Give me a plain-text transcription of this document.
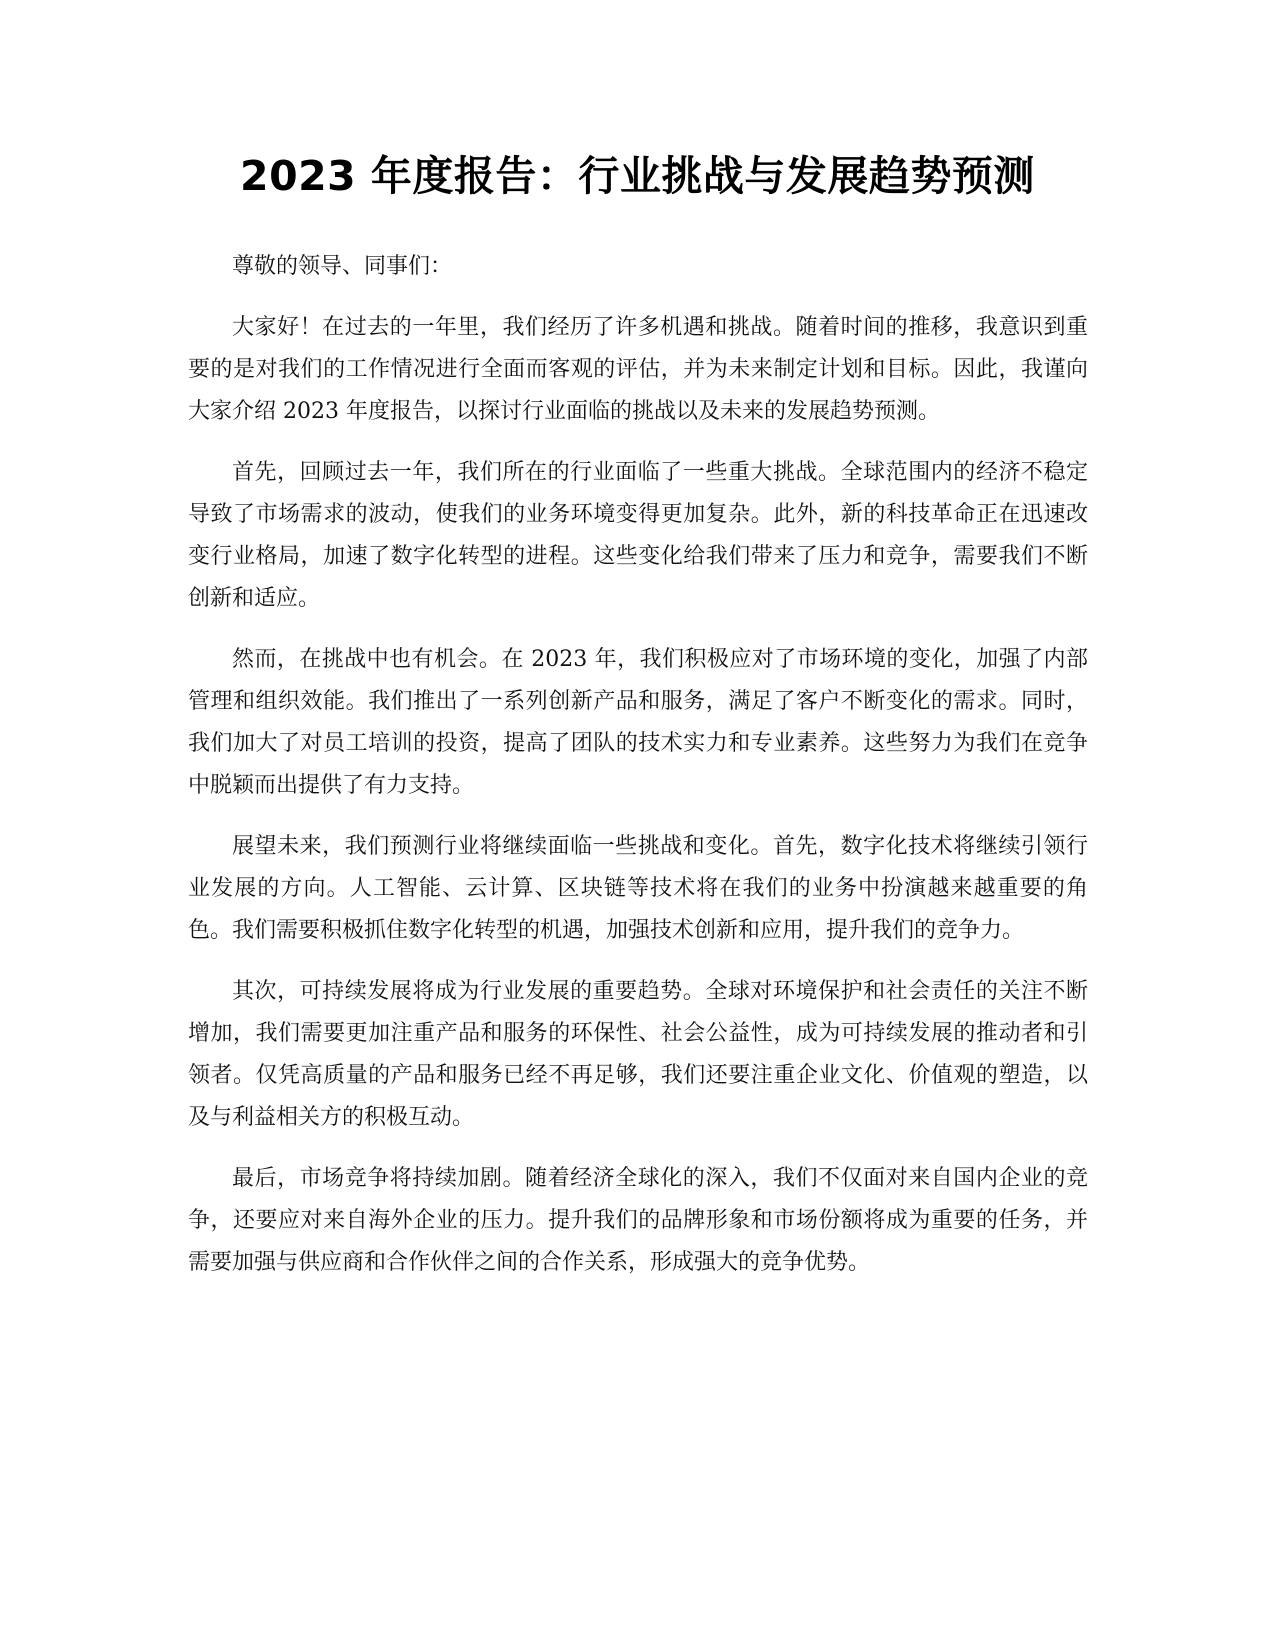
2023 年度报告：行业挑战与发展趋势预测

尊敬的领导、同事们：

大家好！在过去的一年里，我们经历了许多机遇和挑战。随着时间的推移，我意识到重要的是对我们的工作情况进行全面而客观的评估，并为未来制定计划和目标。因此，我谨向大家介绍 2023 年度报告，以探讨行业面临的挑战以及未来的发展趋势预测。

首先，回顾过去一年，我们所在的行业面临了一些重大挑战。全球范围内的经济不稳定导致了市场需求的波动，使我们的业务环境变得更加复杂。此外，新的科技革命正在迅速改变行业格局，加速了数字化转型的进程。这些变化给我们带来了压力和竞争，需要我们不断创新和适应。

然而，在挑战中也有机会。在 2023 年，我们积极应对了市场环境的变化，加强了内部管理和组织效能。我们推出了一系列创新产品和服务，满足了客户不断变化的需求。同时，我们加大了对员工培训的投资，提高了团队的技术实力和专业素养。这些努力为我们在竞争中脱颖而出提供了有力支持。

展望未来，我们预测行业将继续面临一些挑战和变化。首先，数字化技术将继续引领行业发展的方向。人工智能、云计算、区块链等技术将在我们的业务中扮演越来越重要的角色。我们需要积极抓住数字化转型的机遇，加强技术创新和应用，提升我们的竞争力。

其次，可持续发展将成为行业发展的重要趋势。全球对环境保护和社会责任的关注不断增加，我们需要更加注重产品和服务的环保性、社会公益性，成为可持续发展的推动者和引领者。仅凭高质量的产品和服务已经不再足够，我们还要注重企业文化、价值观的塑造，以及与利益相关方的积极互动。

最后，市场竞争将持续加剧。随着经济全球化的深入，我们不仅面对来自国内企业的竞争，还要应对来自海外企业的压力。提升我们的品牌形象和市场份额将成为重要的任务，并需要加强与供应商和合作伙伴之间的合作关系，形成强大的竞争优势。
